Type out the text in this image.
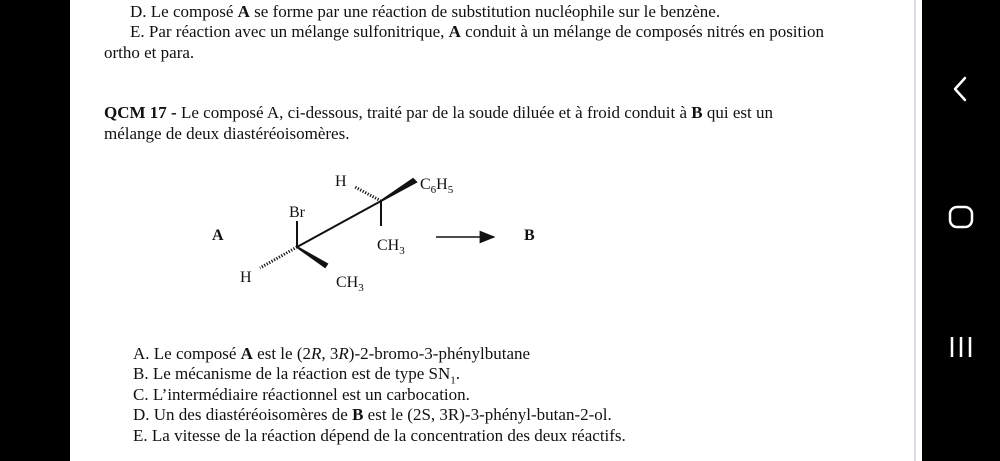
D. Le composé A se forme par une réaction de substitution nucléophile sur le benzène.
E. Par réaction avec un mélange sulfonitrique, A conduit à un mélange de composés nitrés en position
ortho et para.
QCM 17 - Le composé A, ci-dessous, traité par de la soude diluée et à froid conduit à B qui est un
mélange de deux diastéréoisomères.
A
H	$C_6H_5$
Br
$CH_3$
H	$CH_3$
B
A. Le composé A est le (2R, 3R)-2-bromo-3-phénylbutane
B. Le mécanisme de la réaction est de type $SN_1$.
C. L’intermédiaire réactionnel est un carbocation.
D. Un des diastéréoisomères de B est le (2S, 3R)-3-phényl-butan-2-ol.
E. La vitesse de la réaction dépend de la concentration des deux réactifs.
